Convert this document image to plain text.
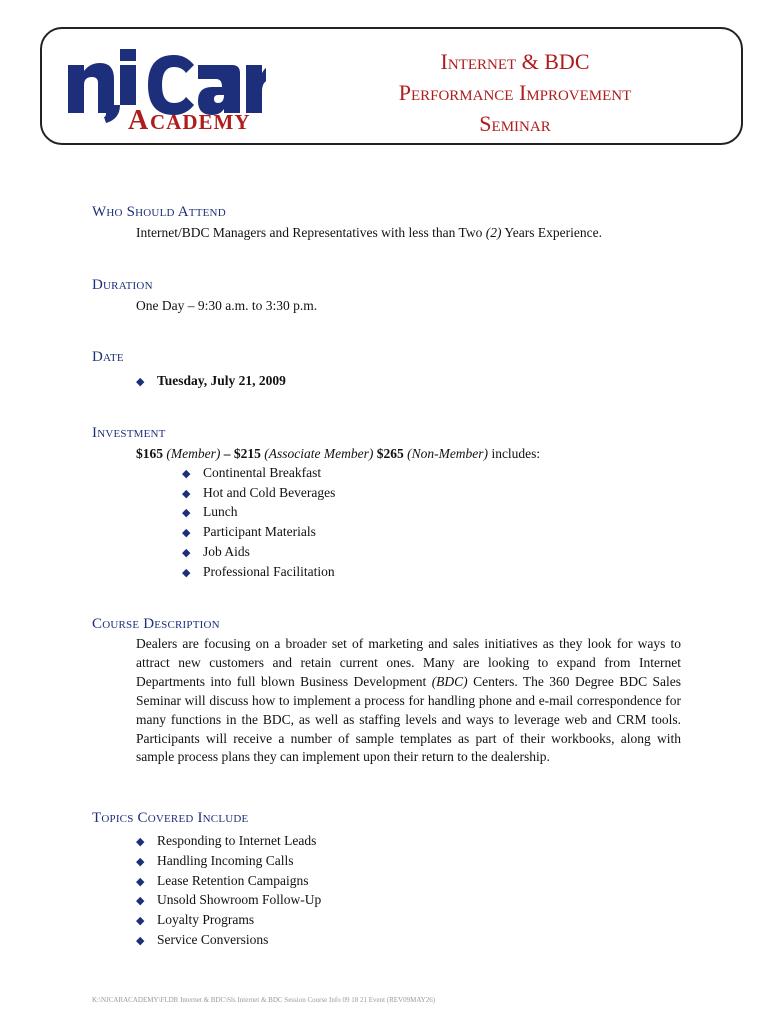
A CADEMY
Internet & BDC
Performance Improvement
Seminar
Who Should Attend
Internet/BDC Managers and Representatives with less than Two (2) Years Experience.
Duration
One Day – 9:30 a.m. to 3:30 p.m.
Date
◆ Tuesday, July 21, 2009
Investment
$165 (Member) – $215 (Associate Member) $265 (Non-Member) includes:
◆ Continental Breakfast
◆ Hot and Cold Beverages
◆ Lunch
◆ Participant Materials
◆ Job Aids
◆ Professional Facilitation
Course Description
Dealers are focusing on a broader set of marketing and sales initiatives as they look for ways to attract new customers and retain current ones. Many are looking to expand from Internet Departments into full blown Business Development (BDC) Centers. The 360 Degree BDC Sales Seminar will discuss how to implement a process for handling phone and e-mail correspondence for many functions in the BDC, as well as staffing levels and ways to leverage web and CRM tools. Participants will receive a number of sample templates as part of their workbooks, along with sample process plans they can implement upon their return to the dealership.
Topics Covered Include
◆ Responding to Internet Leads
◆ Handling Incoming Calls
◆ Lease Retention Campaigns
◆ Unsold Showroom Follow-Up
◆ Loyalty Programs
◆ Service Conversions
K:\NJCARACADEMY\FLDR Internet & BDC\Sls Internet & BDC Session Course Info 09 18 21 Event (REV09MAY26)
